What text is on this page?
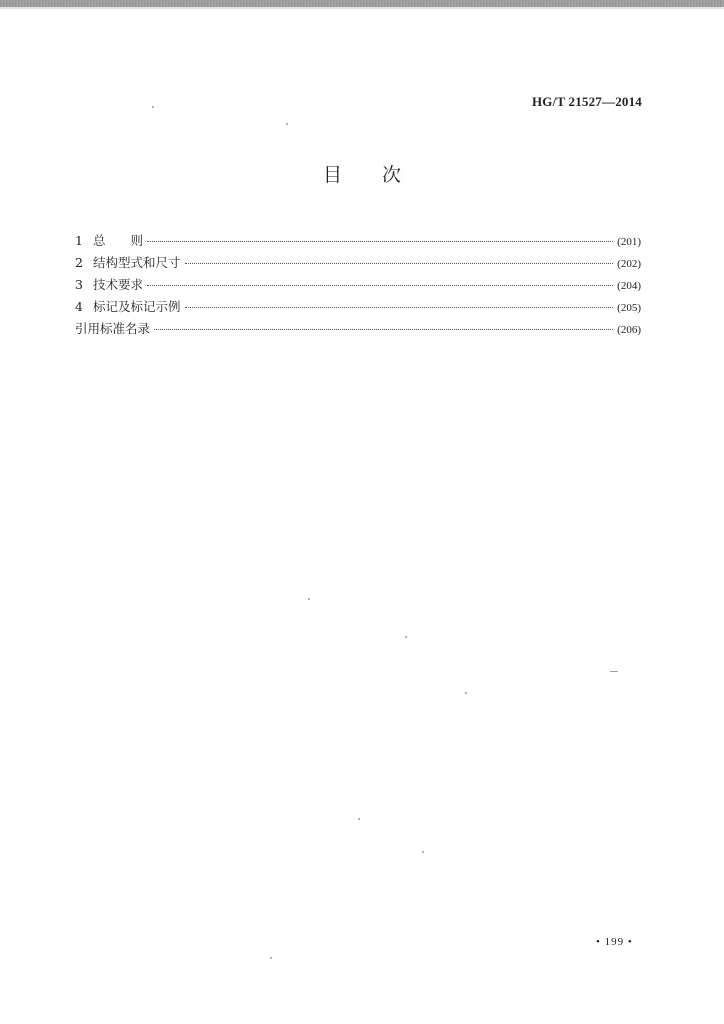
HG/T 21527—2014
目 次
1 总 则	(201)
2 结构型式和尺寸	(202)
3 技术要求	(204)
4 标记及标记示例	(205)
引用标准名录	(206)
• 199 •
